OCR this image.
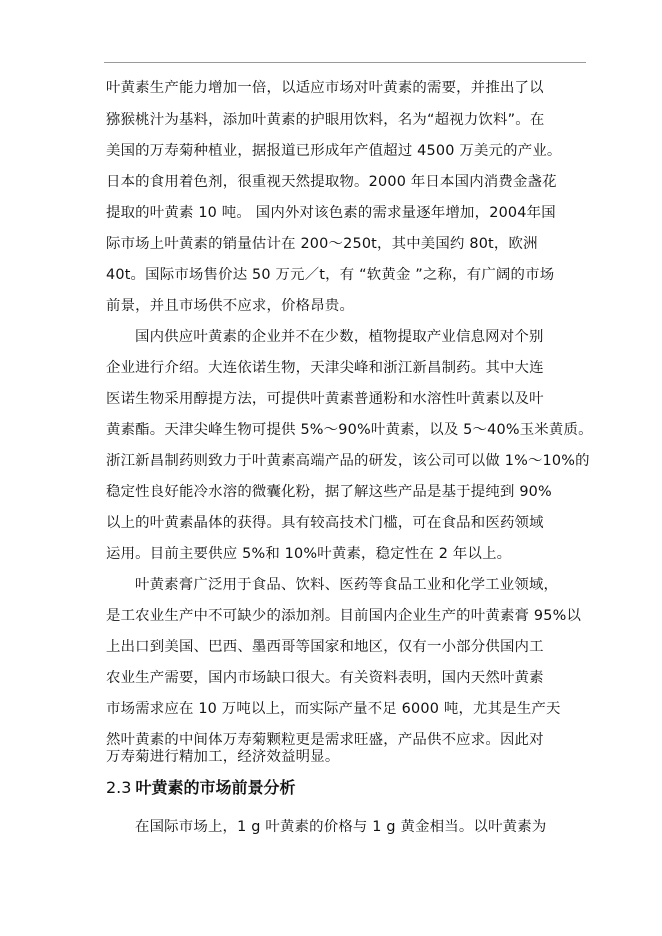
叶黄素生产能力增加一倍，以适应市场对叶黄素的需要，并推出了以
猕猴桃汁为基料，添加叶黄素的护眼用饮料，名为“超视力饮料”。在
美国的万寿菊种植业，据报道已形成年产值超过 4500 万美元的产业。
日本的食用着色剂，很重视天然提取物。2000 年日本国内消费金盏花
提取的叶黄素 10 吨。 国内外对该色素的需求量逐年增加，2004年国
际市场上叶黄素的销量估计在 200～250t，其中美国约 80t，欧洲
40t。国际市场售价达 50 万元／t，有 “软黄金 ”之称，有广阔的市场
前景，并且市场供不应求，价格昂贵。
国内供应叶黄素的企业并不在少数，植物提取产业信息网对个别
企业进行介绍。大连依诺生物，天津尖峰和浙江新昌制药。其中大连
医诺生物采用醇提方法，可提供叶黄素普通粉和水溶性叶黄素以及叶
黄素酯。天津尖峰生物可提供 5%～90%叶黄素，以及 5～40%玉米黄质。
浙江新昌制药则致力于叶黄素高端产品的研发，该公司可以做 1%～10%的
稳定性良好能冷水溶的微囊化粉，据了解这些产品是基于提纯到 90%
以上的叶黄素晶体的获得。具有较高技术门槛，可在食品和医药领域
运用。目前主要供应 5%和 10%叶黄素，稳定性在 2 年以上。
叶黄素膏广泛用于食品、饮料、医药等食品工业和化学工业领域，
是工农业生产中不可缺少的添加剂。目前国内企业生产的叶黄素膏 95%以
上出口到美国、巴西、墨西哥等国家和地区，仅有一小部分供国内工
农业生产需要，国内市场缺口很大。有关资料表明，国内天然叶黄素
市场需求应在 10 万吨以上，而实际产量不足 6000 吨，尤其是生产天
然叶黄素的中间体万寿菊颗粒更是需求旺盛，产品供不应求。因此对
万寿菊进行精加工，经济效益明显。
2.3 叶黄素的市场前景分析
在国际市场上，1 g 叶黄素的价格与 1 g 黄金相当。以叶黄素为
